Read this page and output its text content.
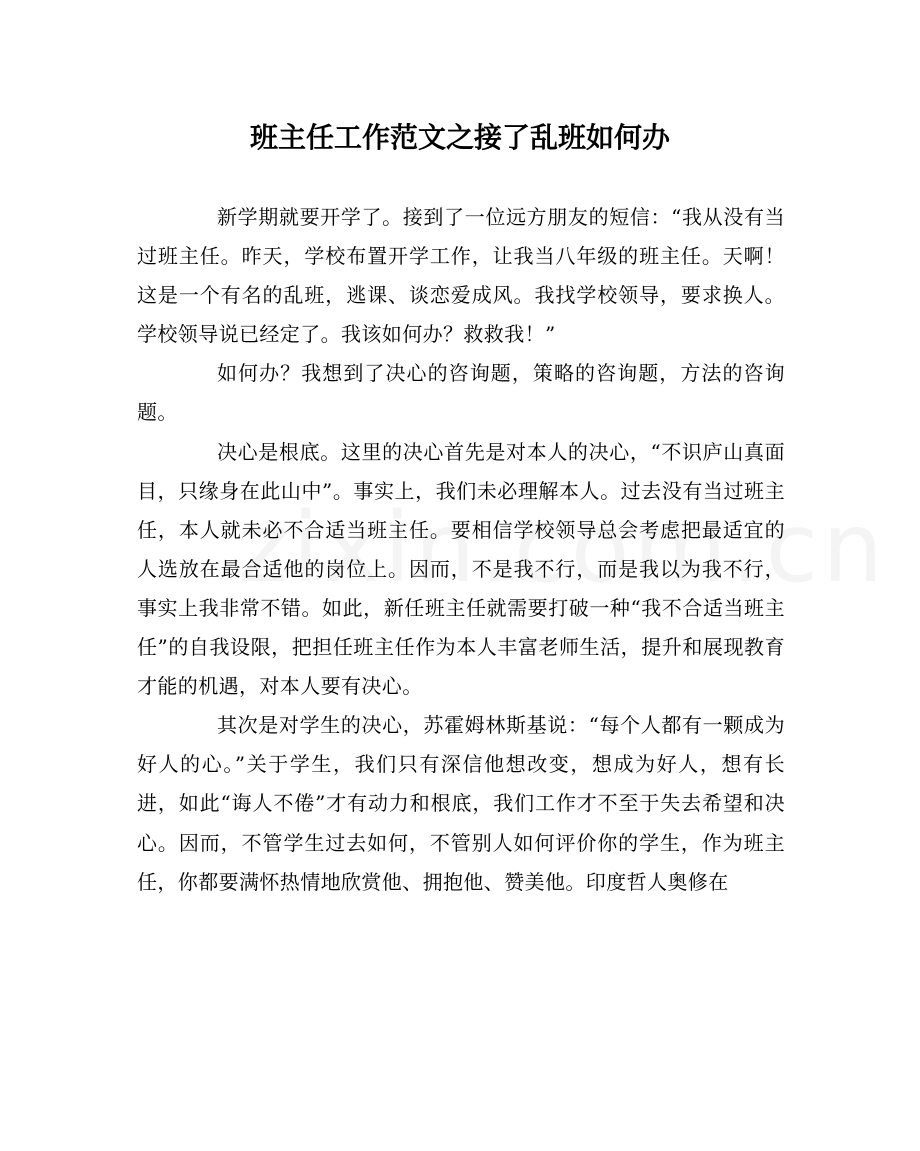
班主任工作范文之接了乱班如何办

新学期就要开学了。接到了一位远方朋友的短信：“我从没有当过班主任。昨天，学校布置开学工作，让我当八年级的班主任。天啊！这是一个有名的乱班，逃课、谈恋爱成风。我找学校领导，要求换人。学校领导说已经定了。我该如何办？救救我！”

如何办？我想到了决心的咨询题，策略的咨询题，方法的咨询题。

决心是根底。这里的决心首先是对本人的决心，“不识庐山真面目，只缘身在此山中”。事实上，我们未必理解本人。过去没有当过班主任，本人就未必不合适当班主任。要相信学校领导总会考虑把最适宜的人选放在最合适他的岗位上。因而，不是我不行，而是我以为我不行，事实上我非常不错。如此，新任班主任就需要打破一种“我不合适当班主任”的自我设限，把担任班主任作为本人丰富老师生活，提升和展现教育才能的机遇，对本人要有决心。

其次是对学生的决心，苏霍姆林斯基说：“每个人都有一颗成为好人的心。”关于学生，我们只有深信他想改变，想成为好人，想有长进，如此“诲人不倦”才有动力和根底，我们工作才不至于失去希望和决心。因而，不管学生过去如何，不管别人如何评价你的学生，作为班主任，你都要满怀热情地欣赏他、拥抱他、赞美他。印度哲人奥修在
